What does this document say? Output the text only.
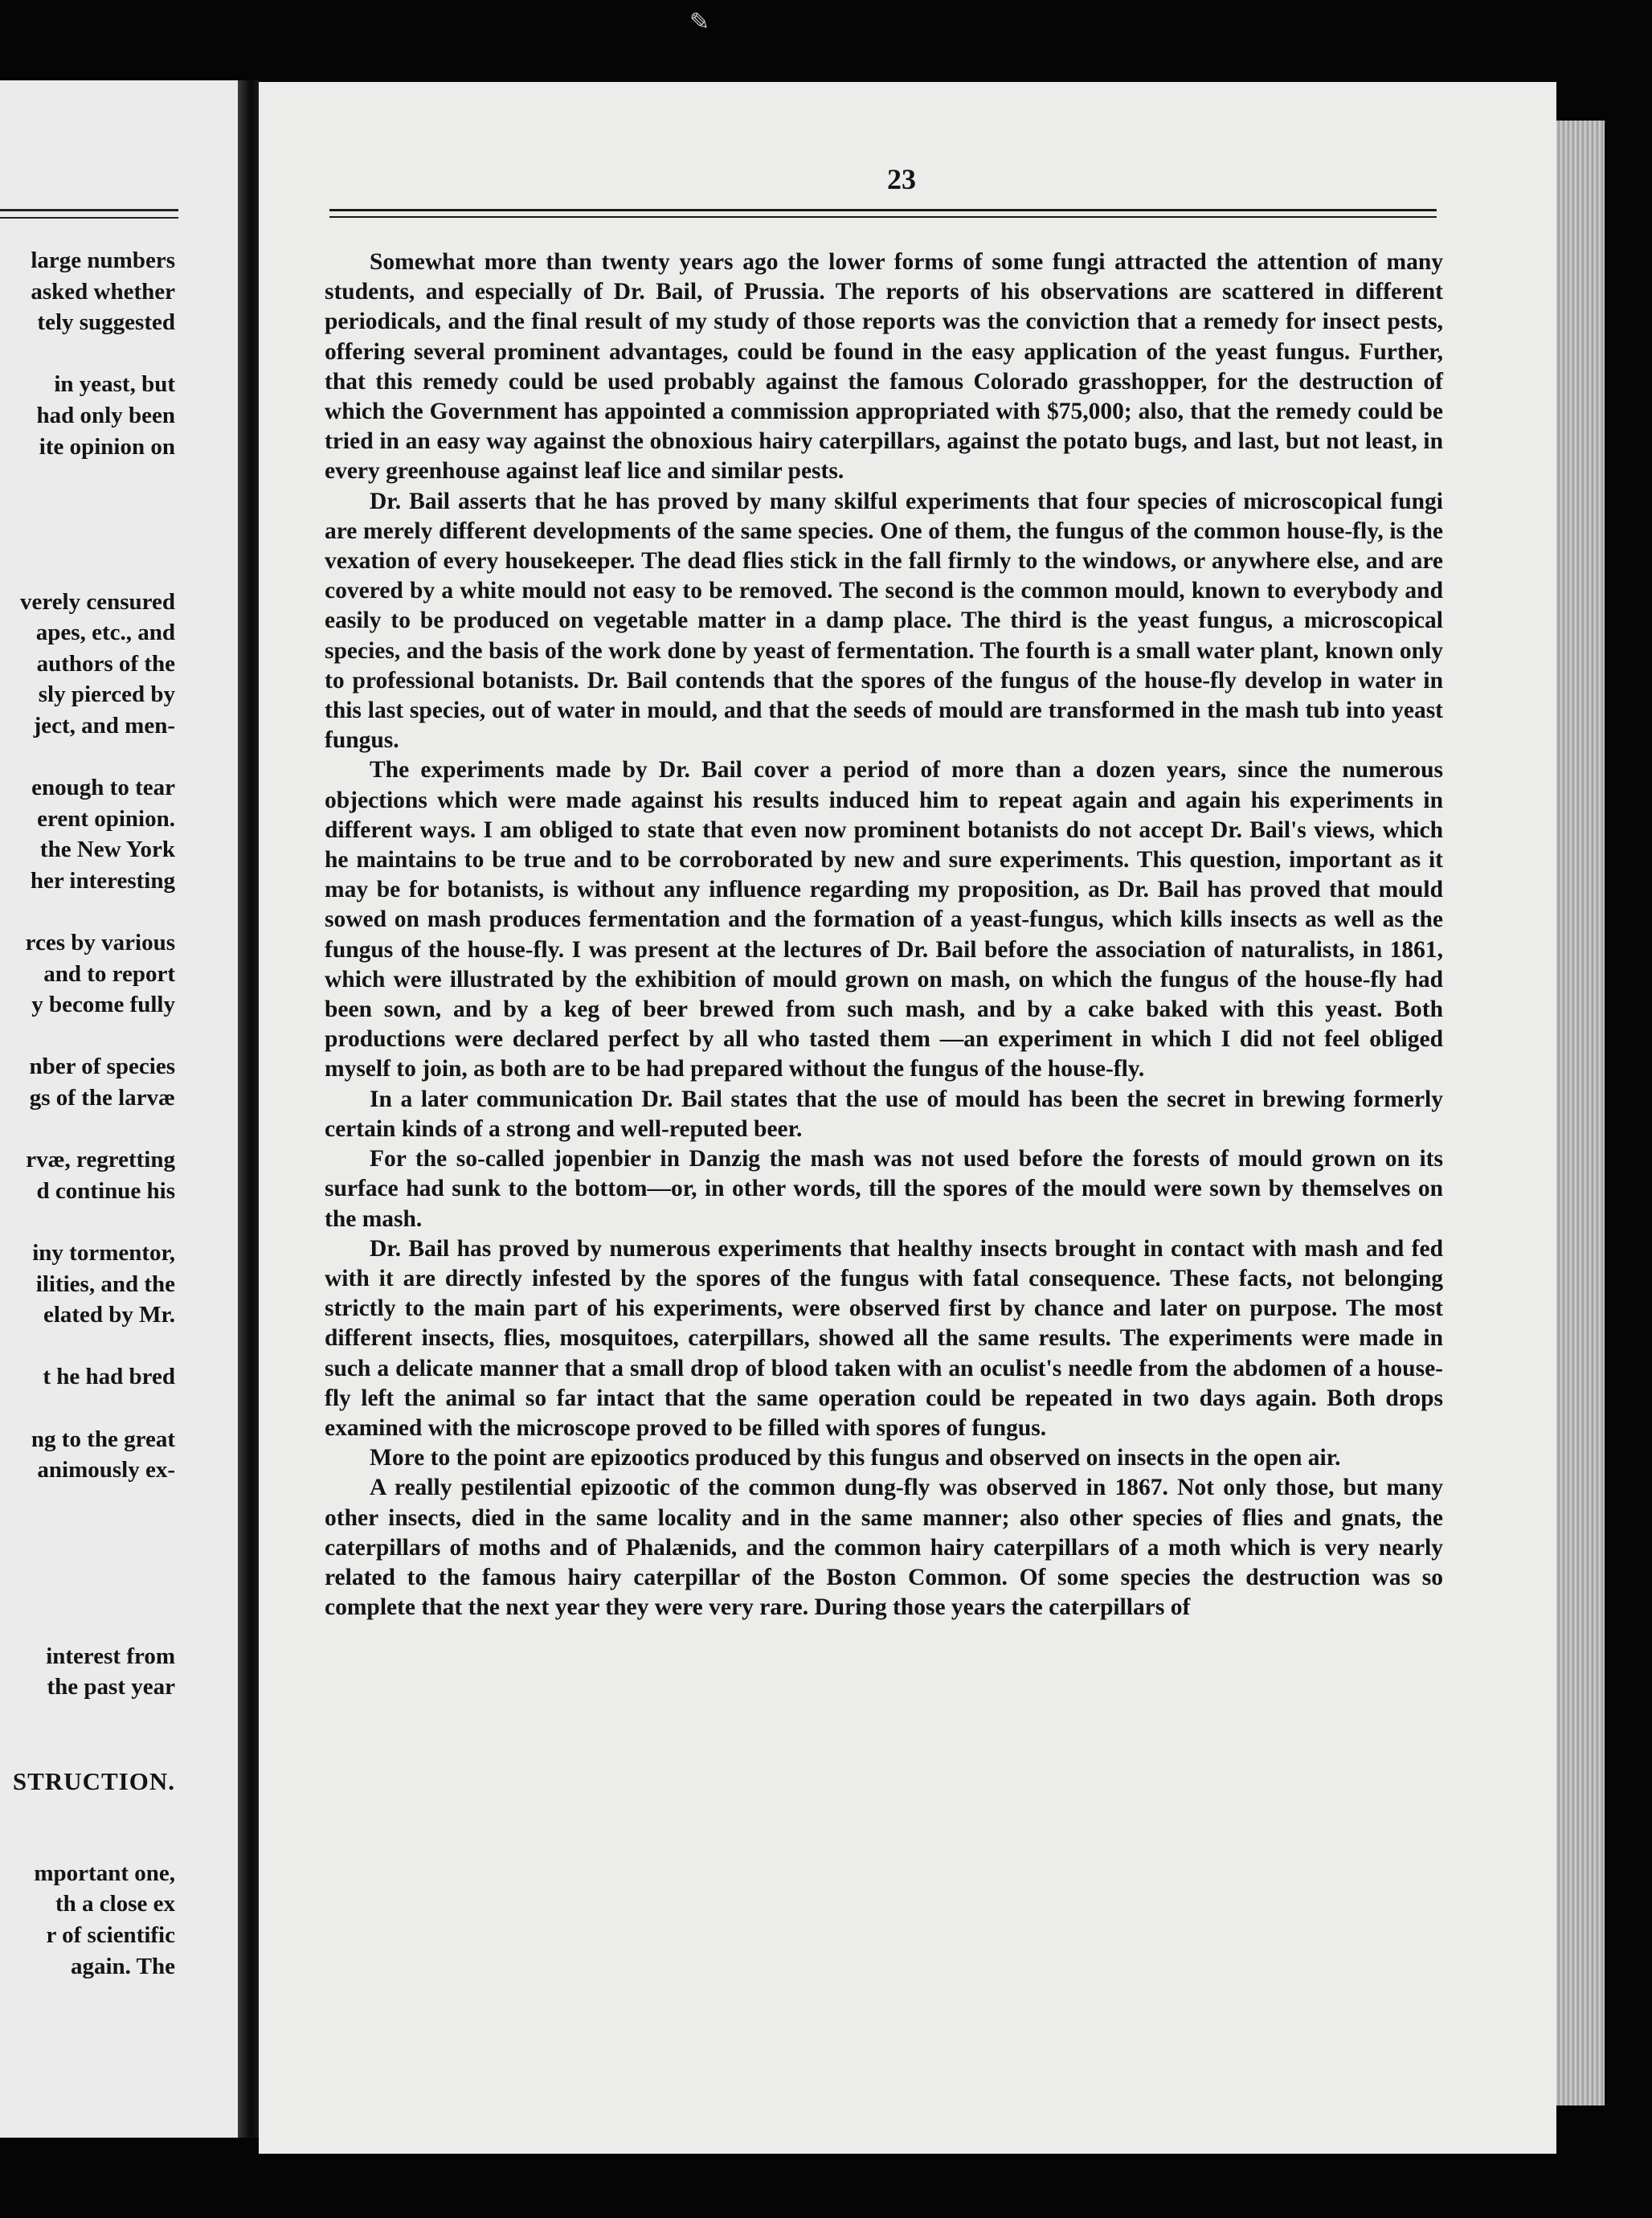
✎
large numbers
asked whether
tely suggested
in yeast, but
had only been
ite opinion on
verely censured
apes, etc., and
authors of the
sly pierced by
ject, and men-
enough to tear
erent opinion.
the New York
her interesting
rces by various
and to report
y become fully
nber of species
gs of the larvæ
rvæ, regretting
d continue his
iny tormentor,
ilities, and the
elated by Mr.
t he had bred
ng to the great
animously ex-
interest from
the past year
STRUCTION.
mportant one,
th a close ex
r of scientific
again. The
23

Somewhat more than twenty years ago the lower forms of some fungi attracted the attention of many students, and especially of Dr. Bail, of Prussia. The reports of his observations are scattered in different periodicals, and the final result of my study of those reports was the conviction that a remedy for insect pests, offering several prominent advantages, could be found in the easy application of the yeast fungus. Further, that this remedy could be used probably against the famous Colorado grasshopper, for the destruction of which the Government has appointed a commission appropriated with $75,000; also, that the remedy could be tried in an easy way against the obnoxious hairy caterpillars, against the potato bugs, and last, but not least, in every greenhouse against leaf lice and similar pests.

Dr. Bail asserts that he has proved by many skilful experiments that four species of microscopical fungi are merely different developments of the same species. One of them, the fungus of the common house-fly, is the vexation of every housekeeper. The dead flies stick in the fall firmly to the windows, or anywhere else, and are covered by a white mould not easy to be removed. The second is the common mould, known to everybody and easily to be produced on vegetable matter in a damp place. The third is the yeast fungus, a microscopical species, and the basis of the work done by yeast of fermentation. The fourth is a small water plant, known only to professional botanists. Dr. Bail contends that the spores of the fungus of the house-fly develop in water in this last species, out of water in mould, and that the seeds of mould are transformed in the mash tub into yeast fungus.

The experiments made by Dr. Bail cover a period of more than a dozen years, since the numerous objections which were made against his results induced him to repeat again and again his experiments in different ways. I am obliged to state that even now prominent botanists do not accept Dr. Bail's views, which he maintains to be true and to be corroborated by new and sure experiments. This question, important as it may be for botanists, is without any influence regarding my proposition, as Dr. Bail has proved that mould sowed on mash produces fermentation and the formation of a yeast-fungus, which kills insects as well as the fungus of the house-fly. I was present at the lectures of Dr. Bail before the association of naturalists, in 1861, which were illustrated by the exhibition of mould grown on mash, on which the fungus of the house-fly had been sown, and by a keg of beer brewed from such mash, and by a cake baked with this yeast. Both productions were declared perfect by all who tasted them —an experiment in which I did not feel obliged myself to join, as both are to be had prepared without the fungus of the house-fly.

In a later communication Dr. Bail states that the use of mould has been the secret in brewing formerly certain kinds of a strong and well-reputed beer.

For the so-called jopenbier in Danzig the mash was not used before the forests of mould grown on its surface had sunk to the bottom—or, in other words, till the spores of the mould were sown by themselves on the mash.

Dr. Bail has proved by numerous experiments that healthy insects brought in contact with mash and fed with it are directly infested by the spores of the fungus with fatal consequence. These facts, not belonging strictly to the main part of his experiments, were observed first by chance and later on purpose. The most different insects, flies, mosquitoes, caterpillars, showed all the same results. The experiments were made in such a delicate manner that a small drop of blood taken with an oculist's needle from the abdomen of a house-fly left the animal so far intact that the same operation could be repeated in two days again. Both drops examined with the microscope proved to be filled with spores of fungus.

More to the point are epizootics produced by this fungus and observed on insects in the open air.

A really pestilential epizootic of the common dung-fly was observed in 1867. Not only those, but many other insects, died in the same locality and in the same manner; also other species of flies and gnats, the caterpillars of moths and of Phalænids, and the common hairy caterpillars of a moth which is very nearly related to the famous hairy caterpillar of the Boston Common. Of some species the destruction was so complete that the next year they were very rare. During those years the caterpillars of
